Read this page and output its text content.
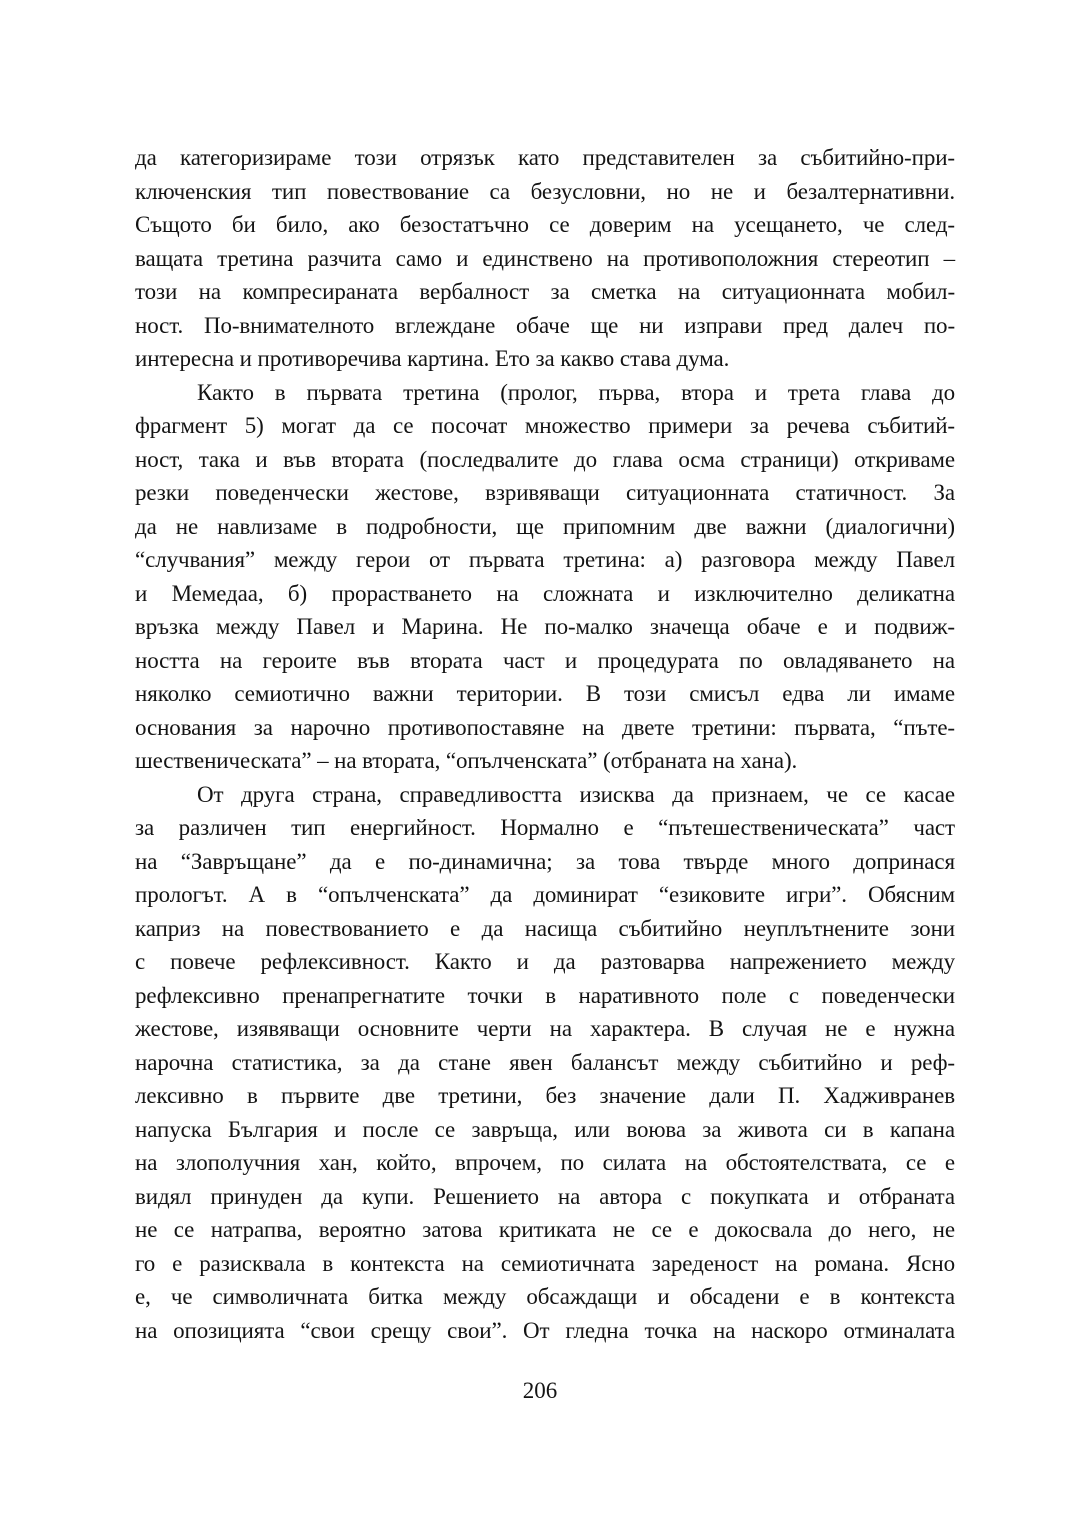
да категоризираме този отрязък като представителен за събитийно-при-
ключенския тип повествование са безусловни, но не и безалтернативни.
Същото би било, ако безостатъчно се доверим на усещането, че след-
ващата третина разчита само и единствено на противоположния стереотип –
този на компресираната вербалност за сметка на ситуационната мобил-
ност. По-внимателното вглеждане обаче ще ни изправи пред далеч по-
интересна и противоречива картина. Ето за какво става дума.
Както в първата третина (пролог, първа, втора и трета глава до
фрагмент 5) могат да се посочат множество примери за речева събитий-
ност, така и във втората (последвалите до глава осма страници) откриваме
резки поведенчески жестове, взривяващи ситуационната статичност. За
да не навлизаме в подробности, ще припомним две важни (диалогични)
“случвания” между герои от първата третина: а) разговора между Павел
и Мемедаа, б) прорастването на сложната и изключително деликатна
връзка между Павел и Марина. Не по-малко значеща обаче е и подвиж-
ността на героите във втората част и процедурата по овладяването на
няколко семиотично важни територии. В този смисъл едва ли имаме
основания за нарочно противопоставяне на двете третини: първата, “пъте-
шественическата” – на втората, “опълченската” (отбраната на хана).
От друга страна, справедливостта изисква да признаем, че се касае
за различен тип енергийност. Нормално е “пътешественическата” част
на “Завръщане” да е по-динамична; за това твърде много допринася
прологът. А в “опълченската” да доминират “езиковите игри”. Обясним
каприз на повествованието е да насища събитийно неуплътнените зони
с повече рефлексивност. Както и да разтоварва напрежението между
рефлексивно пренапрегнатите точки в наративното поле с поведенчески
жестове, изявяващи основните черти на характера. В случая не е нужна
нарочна статистика, за да стане явен балансът между събитийно и реф-
лексивно в първите две третини, без значение дали П. Хадживранев
напуска България и после се завръща, или воюва за живота си в капана
на злополучния хан, който, впрочем, по силата на обстоятелствата, се е
видял принуден да купи. Решението на автора с покупката и отбраната
не се натрапва, вероятно затова критиката не се е докосвала до него, не
го е разисквала в контекста на семиотичната зареденост на романа. Ясно
е, че символичната битка между обсаждащи и обсадени е в контекста
на опозицията “свои срещу свои”. От гледна точка на наскоро отминалата
206
